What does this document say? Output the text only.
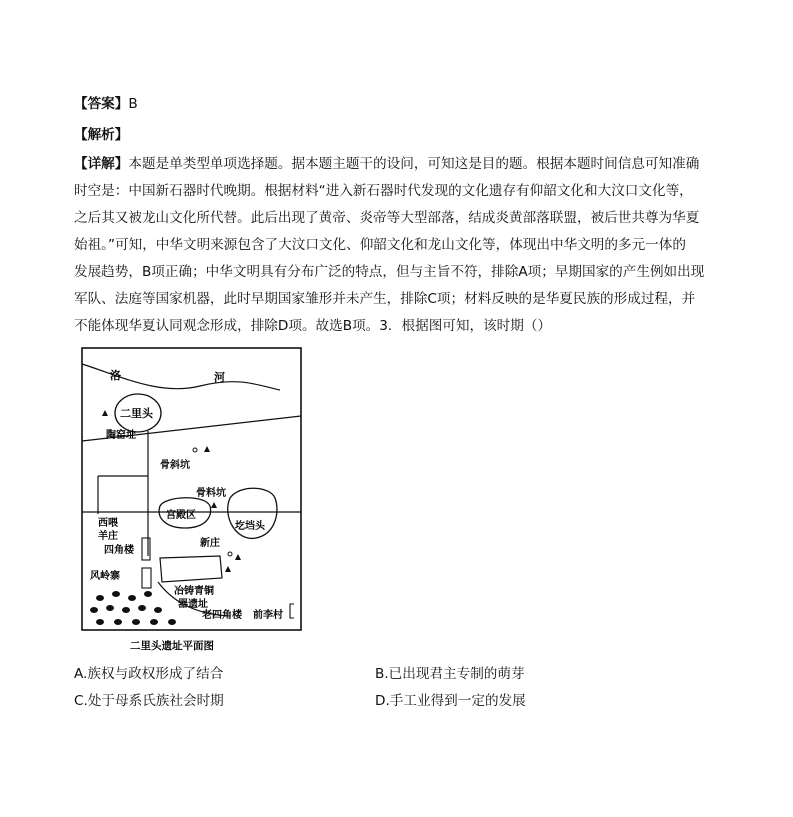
【答案】B
【解析】
【详解】本题是单类型单项选择题。据本题主题干的设问，可知这是目的题。根据本题时间信息可知准确
时空是：中国新石器时代晚期。根据材料“进入新石器时代发现的文化遗存有仰韶文化和大汶口文化等，
之后其又被龙山文化所代替。此后出现了黄帝、炎帝等大型部落，结成炎黄部落联盟，被后世共尊为华夏
始祖。”可知，中华文明来源包含了大汶口文化、仰韶文化和龙山文化等，体现出中华文明的多元一体的
发展趋势，B项正确；中华文明具有分布广泛的特点，但与主旨不符，排除A项；早期国家的产生例如出现
军队、法庭等国家机器，此时早期国家雏形并未产生，排除C项；材料反映的是华夏民族的形成过程，并
不能体现华夏认同观念形成，排除D项。故选B项。3．根据图可知，该时期（）
洛	河
二里头
陶窑址
骨斜坑
宫殿区
骨料坑
圪垱头
西喂
羊庄
四角楼
新庄
风岭寨
冶铸青铜
器遗址
老四角楼 前李村
二里头遗址平面图
A.族权与政权形成了结合	B.已出现君主专制的萌芽
C.处于母系氏族社会时期	D.手工业得到一定的发展
